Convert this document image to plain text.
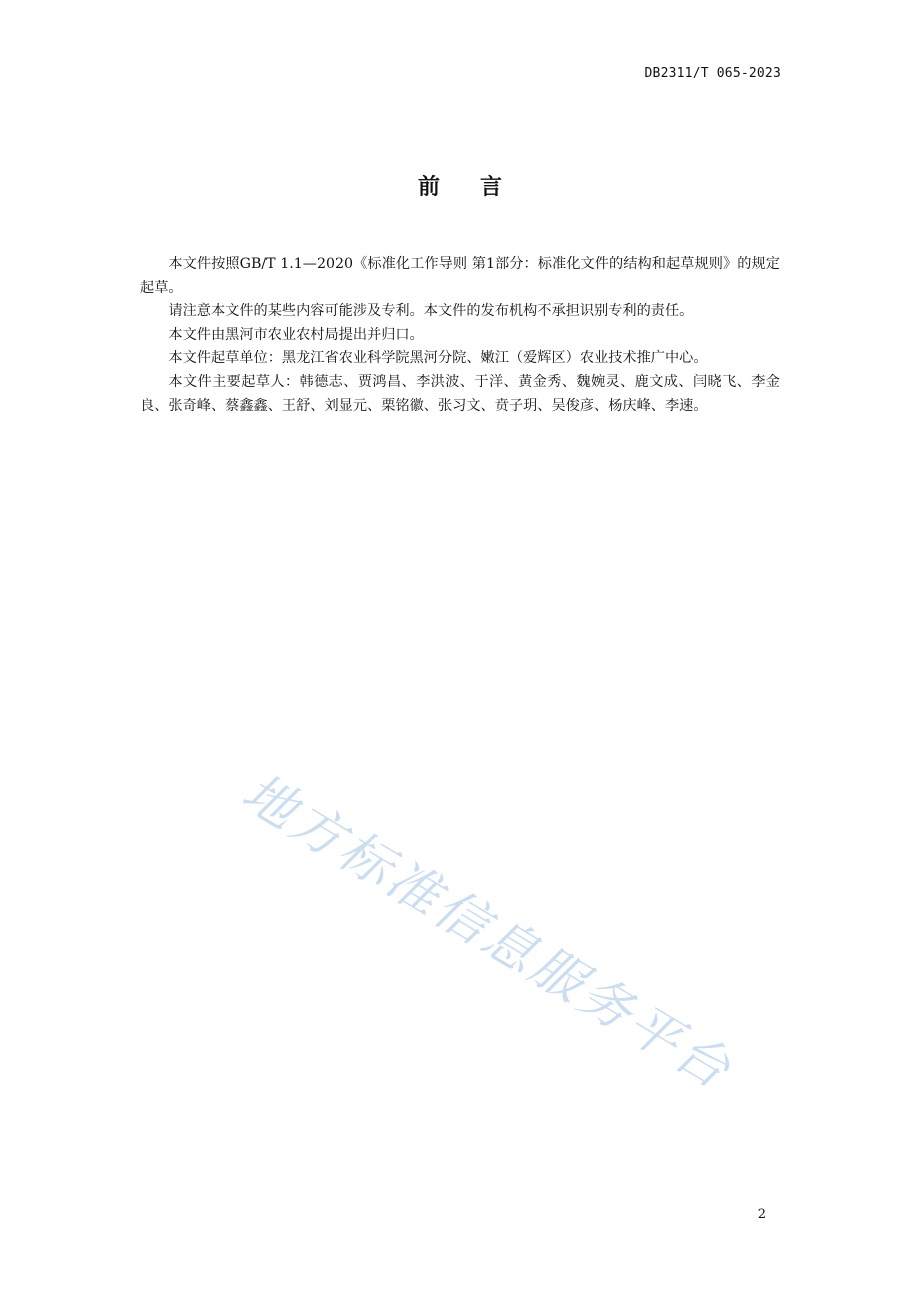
DB2311/T 065-2023
前言

本文件按照GB/T 1.1—2020《标准化工作导则 第1部分：标准化文件的结构和起草规则》的规定起草。

请注意本文件的某些内容可能涉及专利。本文件的发布机构不承担识别专利的责任。

本文件由黑河市农业农村局提出并归口。

本文件起草单位：黑龙江省农业科学院黑河分院、嫩江（爱辉区）农业技术推广中心。

本文件主要起草人：韩德志、贾鸿昌、李洪波、于洋、黄金秀、魏婉灵、鹿文成、闫晓飞、李金良、张奇峰、蔡鑫鑫、王舒、刘显元、栗铭徽、张习文、贲子玥、吴俊彦、杨庆峰、李速。

地方标准信息服务平台
2
